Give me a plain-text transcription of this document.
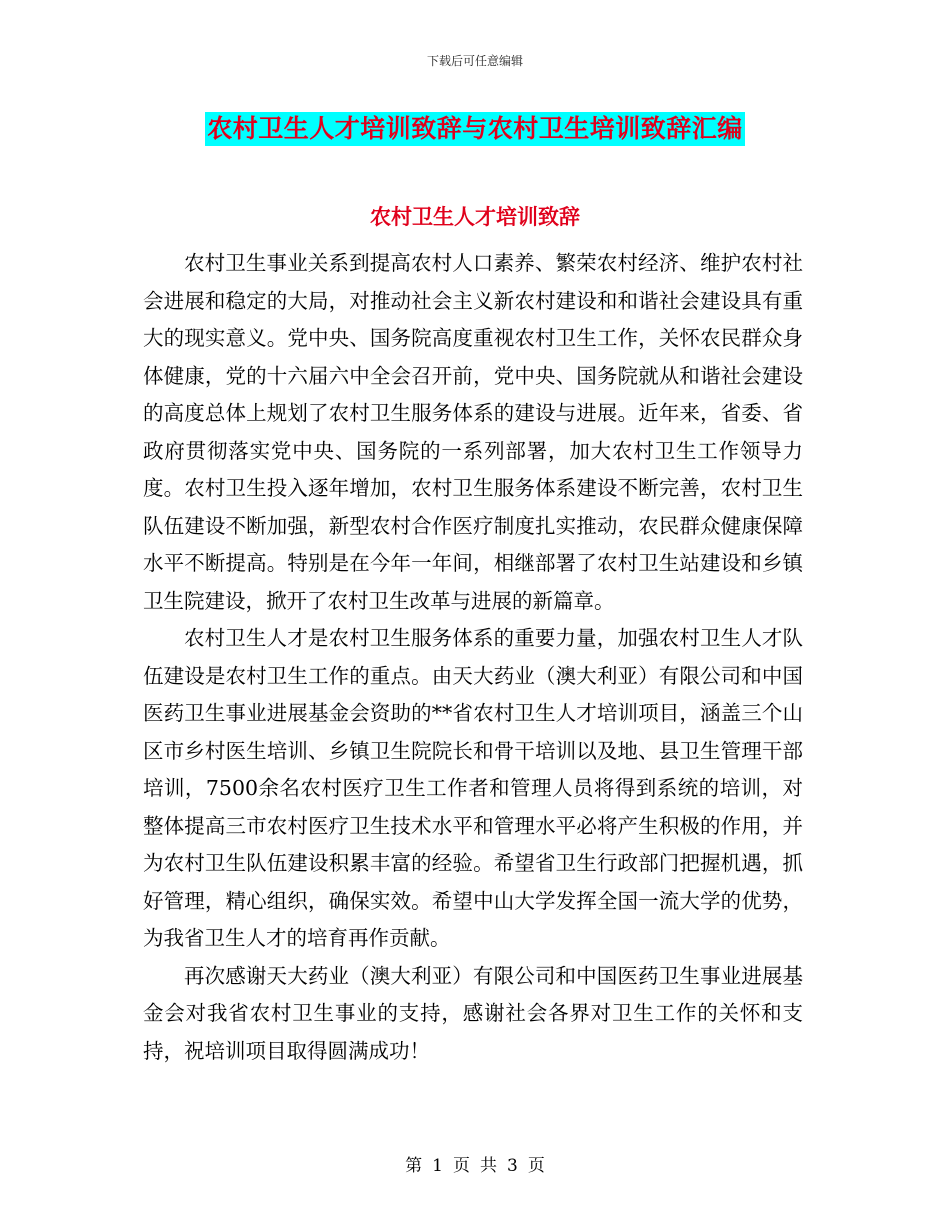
下载后可任意编辑
农村卫生人才培训致辞与农村卫生培训致辞汇编
农村卫生人才培训致辞

农村卫生事业关系到提高农村人口素养、繁荣农村经济、维护农村社会进展和稳定的大局，对推动社会主义新农村建设和和谐社会建设具有重大的现实意义。党中央、国务院高度重视农村卫生工作，关怀农民群众身体健康，党的十六届六中全会召开前，党中央、国务院就从和谐社会建设的高度总体上规划了农村卫生服务体系的建设与进展。近年来，省委、省政府贯彻落实党中央、国务院的一系列部署，加大农村卫生工作领导力度。农村卫生投入逐年增加，农村卫生服务体系建设不断完善，农村卫生队伍建设不断加强，新型农村合作医疗制度扎实推动，农民群众健康保障水平不断提高。特别是在今年一年间，相继部署了农村卫生站建设和乡镇卫生院建设，掀开了农村卫生改革与进展的新篇章。

农村卫生人才是农村卫生服务体系的重要力量，加强农村卫生人才队伍建设是农村卫生工作的重点。由天大药业（澳大利亚）有限公司和中国医药卫生事业进展基金会资助的**省农村卫生人才培训项目，涵盖三个山区市乡村医生培训、乡镇卫生院院长和骨干培训以及地、县卫生管理干部培训，7500余名农村医疗卫生工作者和管理人员将得到系统的培训，对整体提高三市农村医疗卫生技术水平和管理水平必将产生积极的作用，并为农村卫生队伍建设积累丰富的经验。希望省卫生行政部门把握机遇，抓好管理，精心组织，确保实效。希望中山大学发挥全国一流大学的优势，为我省卫生人才的培育再作贡献。

再次感谢天大药业（澳大利亚）有限公司和中国医药卫生事业进展基金会对我省农村卫生事业的支持，感谢社会各界对卫生工作的关怀和支持，祝培训项目取得圆满成功！

第 1 页 共 3 页
